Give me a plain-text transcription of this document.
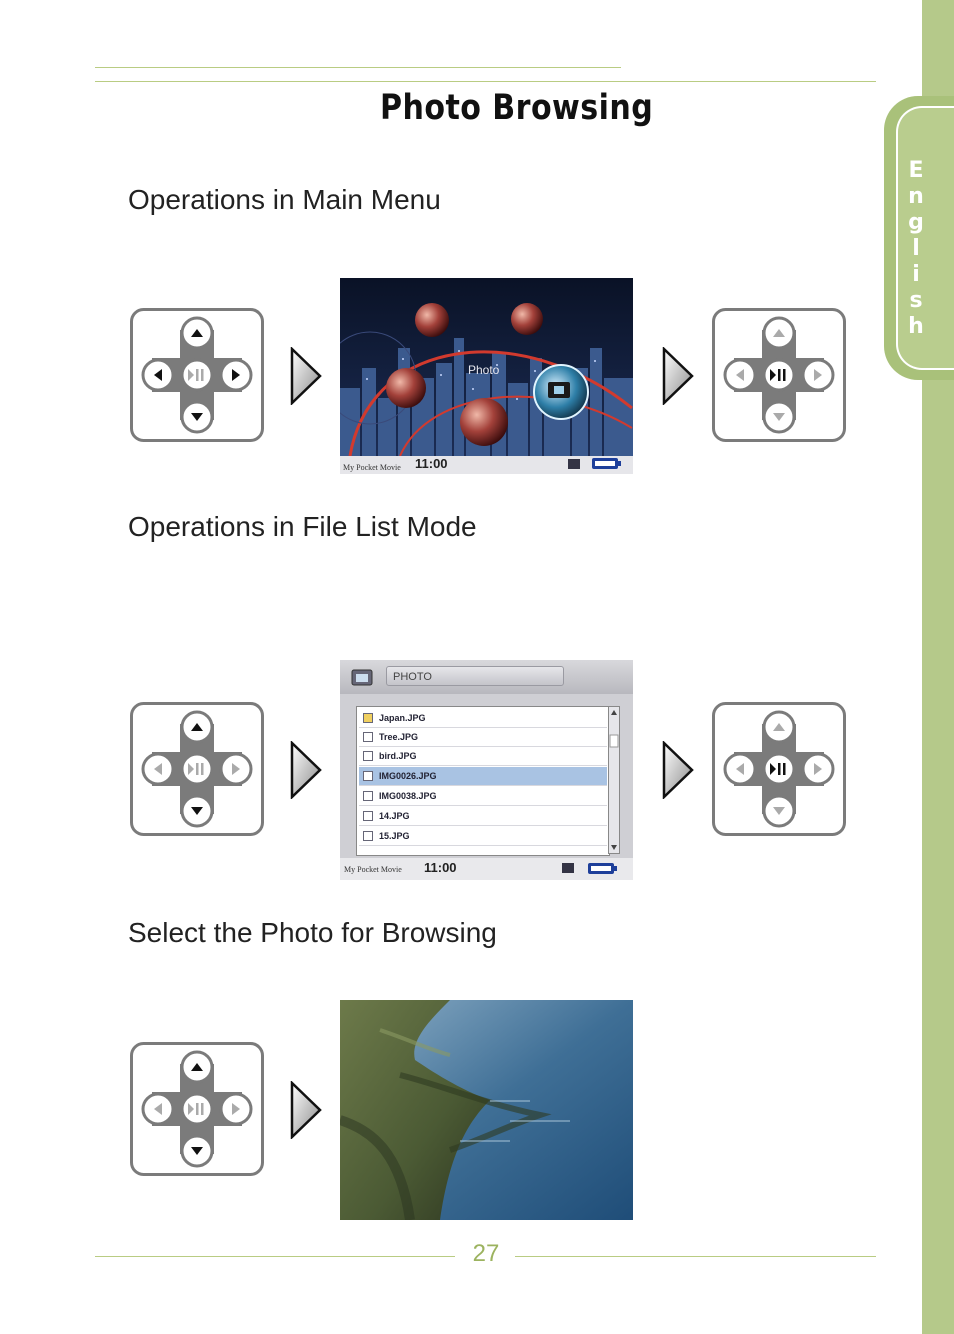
E
n
g
l
i
s
h
Photo Browsing
Operations in Main Menu
Operations in File List Mode
Select the Photo for Browsing
Photo
My Pocket Movie 11:00
PHOTO
Japan.JPG
Tree.JPG
bird.JPG
IMG0026.JPG
IMG0038.JPG
14.JPG
15.JPG
My Pocket Movie 11:00
27
